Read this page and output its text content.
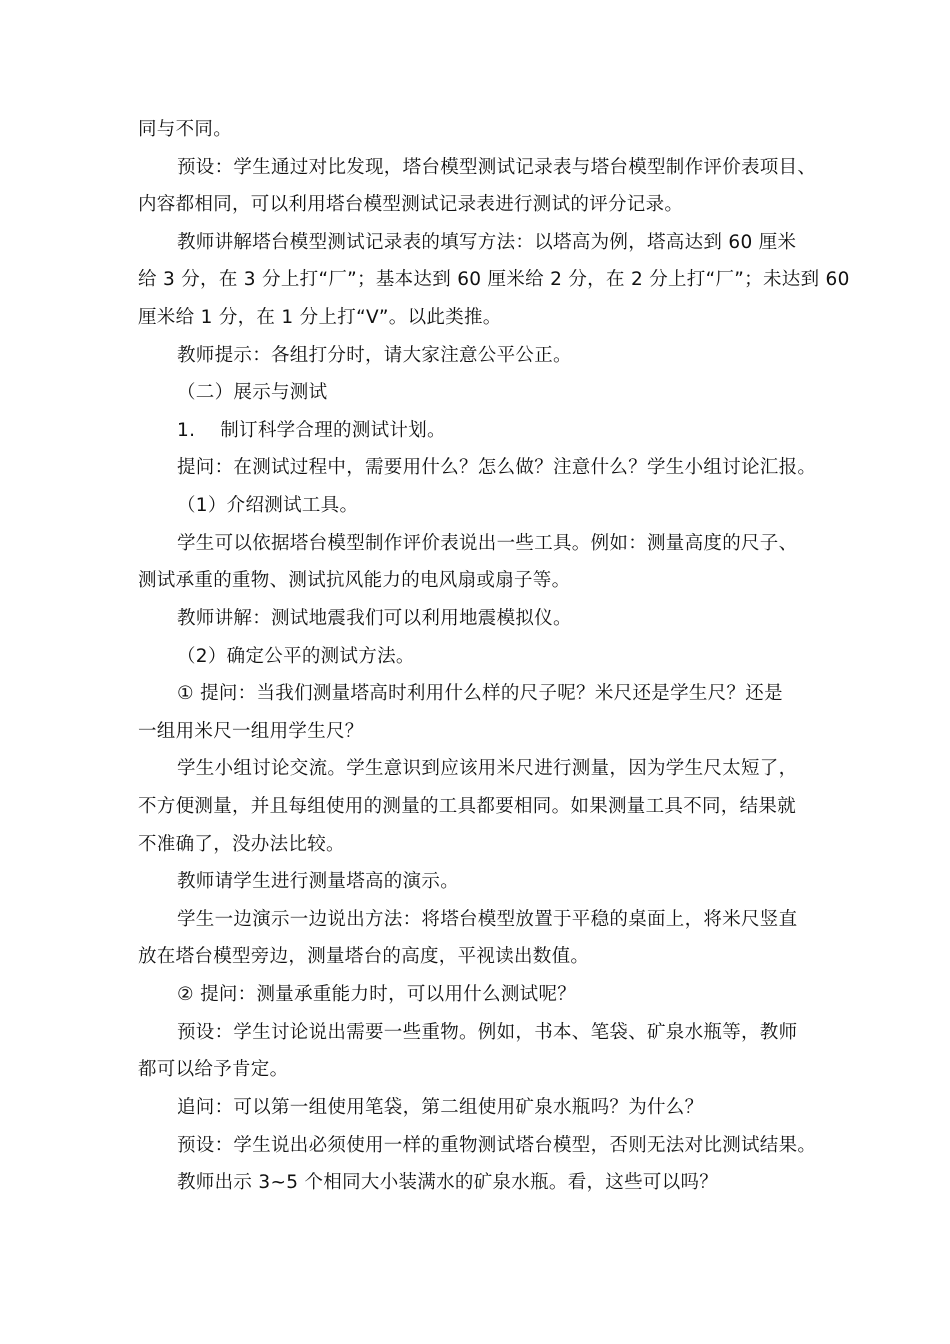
同与不同。
预设：学生通过对比发现，塔台模型测试记录表与塔台模型制作评价表项目、
内容都相同，可以利用塔台模型测试记录表进行测试的评分记录。
教师讲解塔台模型测试记录表的填写方法：以塔高为例，塔高达到 60 厘米
给 3 分，在 3 分上打“厂”；基本达到 60 厘米给 2 分，在 2 分上打“厂”；未达到 60
厘米给 1 分，在 1 分上打“V”。以此类推。
教师提示：各组打分时，请大家注意公平公正。
（二）展示与测试
1.　 制订科学合理的测试计划。
提问：在测试过程中，需要用什么？怎么做？注意什么？学生小组讨论汇报。
（1）介绍测试工具。
学生可以依据塔台模型制作评价表说出一些工具。例如：测量高度的尺子、
测试承重的重物、测试抗风能力的电风扇或扇子等。
教师讲解：测试地震我们可以利用地震模拟仪。
（2）确定公平的测试方法。
① 提问：当我们测量塔高时利用什么样的尺子呢？米尺还是学生尺？还是
一组用米尺一组用学生尺？
学生小组讨论交流。学生意识到应该用米尺进行测量，因为学生尺太短了，
不方便测量，并且每组使用的测量的工具都要相同。如果测量工具不同，结果就
不准确了，没办法比较。
教师请学生进行测量塔高的演示。
学生一边演示一边说出方法：将塔台模型放置于平稳的桌面上，将米尺竖直
放在塔台模型旁边，测量塔台的高度，平视读出数值。
② 提问：测量承重能力时，可以用什么测试呢？
预设：学生讨论说出需要一些重物。例如，书本、笔袋、矿泉水瓶等，教师
都可以给予肯定。
追问：可以第一组使用笔袋，第二组使用矿泉水瓶吗？为什么？
预设：学生说出必须使用一样的重物测试塔台模型，否则无法对比测试结果。
教师出示 3~5 个相同大小装满水的矿泉水瓶。看，这些可以吗？
